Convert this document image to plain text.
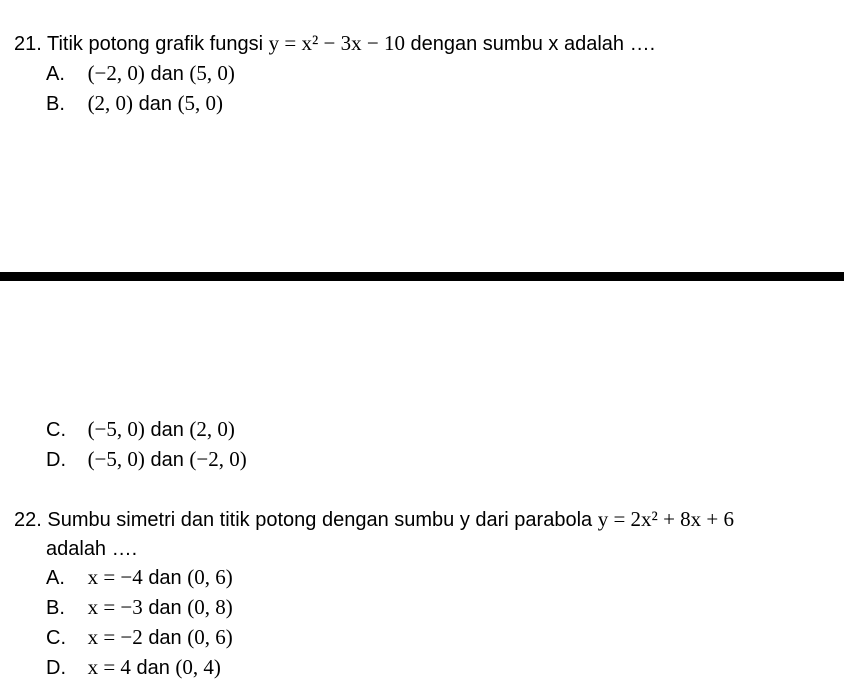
21. Titik potong grafik fungsi y = x² − 3x − 10 dengan sumbu x adalah ….
A. (−2, 0) dan (5, 0)
B. (2, 0) dan (5, 0)
C. (−5, 0) dan (2, 0)
D. (−5, 0) dan (−2, 0)
22. Sumbu simetri dan titik potong dengan sumbu y dari parabola y = 2x² + 8x + 6
adalah ….
A. x = −4 dan (0, 6)
B. x = −3 dan (0, 8)
C. x = −2 dan (0, 6)
D. x = 4 dan (0, 4)
